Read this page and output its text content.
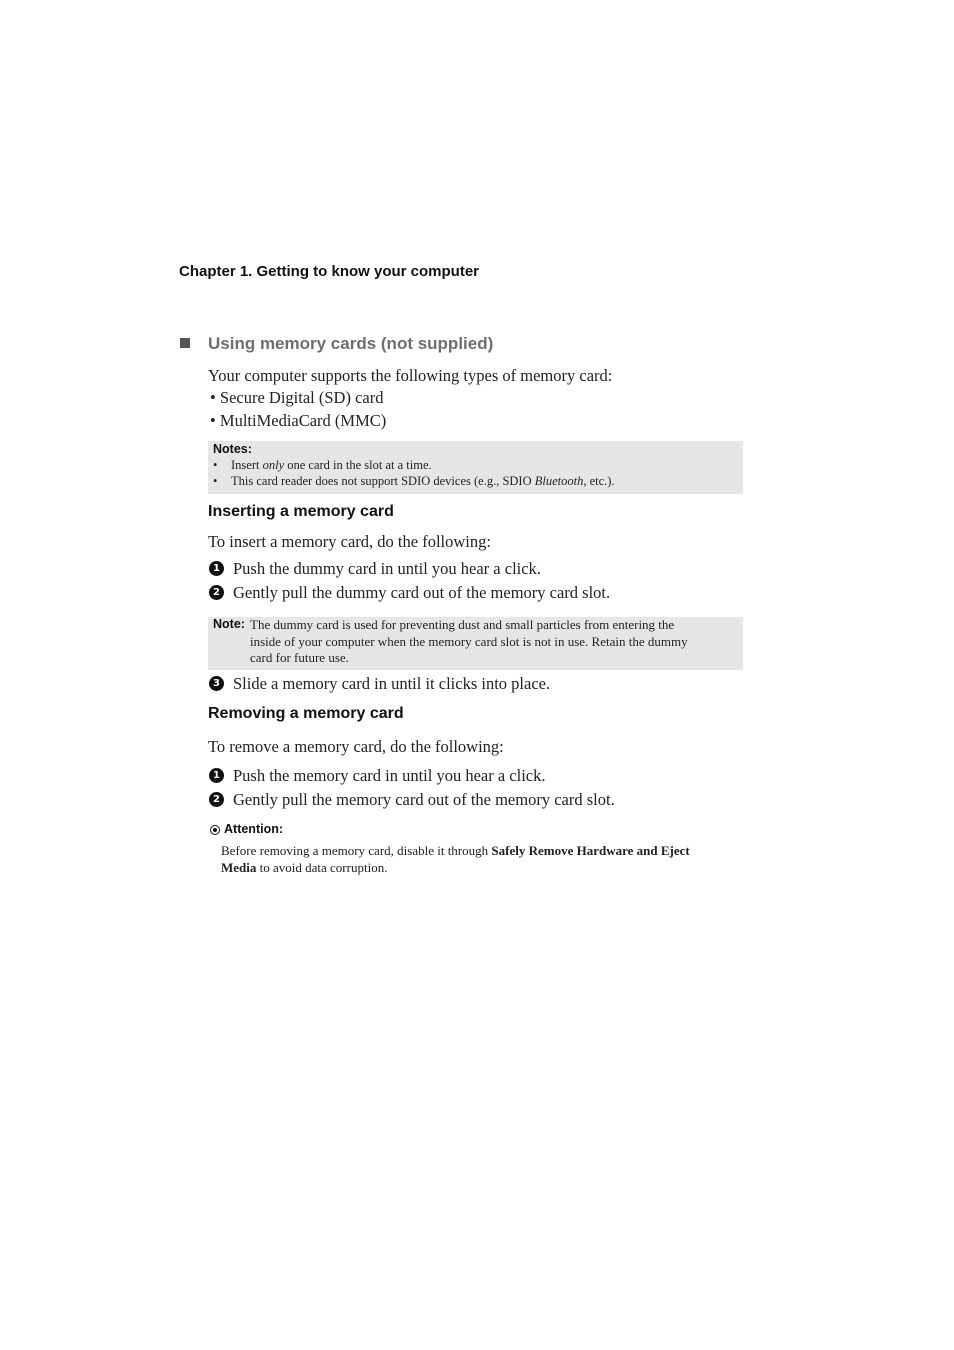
Chapter 1. Getting to know your computer
Using memory cards (not supplied)
Your computer supports the following types of memory card:
• Secure Digital (SD) card
• MultiMediaCard (MMC)
Notes:
• Insert only one card in the slot at a time.
• This card reader does not support SDIO devices (e.g., SDIO Bluetooth, etc.).
Inserting a memory card
To insert a memory card, do the following:
1 Push the dummy card in until you hear a click.
2 Gently pull the dummy card out of the memory card slot.
Note: The dummy card is used for preventing dust and small particles from entering the
inside of your computer when the memory card slot is not in use. Retain the dummy
card for future use.
3 Slide a memory card in until it clicks into place.
Removing a memory card
To remove a memory card, do the following:
1 Push the memory card in until you hear a click.
2 Gently pull the memory card out of the memory card slot.
Attention:
Before removing a memory card, disable it through Safely Remove Hardware and Eject
Media to avoid data corruption.
